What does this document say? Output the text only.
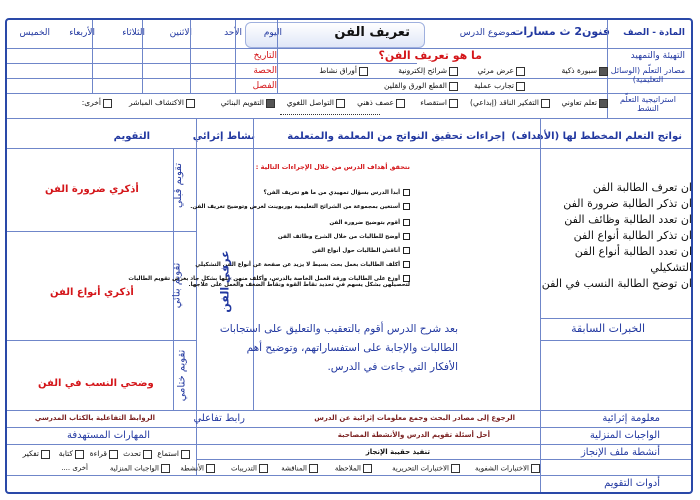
المادة - الصف
فنون2 ث مسارات
موضوع الدرس
تعريف الفن
اليوم
الأحد
الاثنين
الثلاثاء
الأربعاء
الخميس
التاريخ
الحصة
الفصل
التهيئة والتمهيد
ما هو تعريف الفن؟
مصادر التعلّم (الوسائل التعليمية)
سبورة ذكية
عرض مرئي
شرائح إلكترونية
أوراق نشاط
تجارب عملية
القطع الورق والقلين
استراتيجية التعلّم النشط
تعلم تعاوني
التفكير الناقد (إبداعي)
استقصاء
عصف ذهني
التواصل اللغوي
التقويم البنائي
الاكتشاف المباشر
أخرى:
نواتج التعلم المخطط لها (الأهداف)
إجراءات تحقيق النواتج من المعلمة والمتعلمة
نشاط إثرائي
التقويم
ان تعرف الطالبة الفن
ان تذكر الطالبة ضرورة الفن
ان تعدد الطالبة وظائف الفن
ان تذكر الطالبة أنواع الفن
ان تعدد الطالبة أنواع الفن
التشكيلي
ان توضح الطالبة النسب في الفن
الخبرات السابقة
نتحقق أهداف الدرس من خلال الإجراءات التالية :
أبدأ الدرس بسؤال تمهيدي من ما هو تعريف الفن؟
أستعين بمجموعة من الشرائح التعليمية بوربوينت لعرض وتوضيح تعريف الفن.
أقوم بتوضيح ضرورة الفن
أوضح للطالبات من خلال الشرح وظائف الفن
أناقش الطالبات حول أنواع الفن
أكلف الطالبات بعمل بحث بسيط لا يزيد عن صفحة عن أنواع الفن التشكيلي
أوزع على الطالبات ورقة العمل الخاصة بالدرس، وأكلف منهن حلها بشكل جاد بغرض تقويم الطالبات لتحصيلهن بشكل يسهم في تحديد نقاط القوة ونقاط الضعف والعمل على علاجها.
بعد شرح الدرس أقوم بالتعقيب والتعليق على استجابات الطالبات والإجابة على استفساراتهم، وتوضيح أهم الأفكار التي جاءت في الدرس.
عرفي الفن
تقويم قبلي
تقويم بنائي
تقويم ختامي
أذكري ضرورة الفن
أذكري أنواع الفن
وضحي النسب في الفن
معلومة إثرائية
الرجوع إلى مصادر البحث وجمع معلومات إثرائية عن الدرس
رابط تفاعلي
الروابط التفاعلية بالكتاب المدرسي
الواجبات المنزلية
أحل أسئلة تقويم الدرس والأنشطة المصاحبة
المهارات المستهدفة
أنشطة ملف الإنجاز
تنفيذ حقيبة الإنجاز
استماع
تحدث
قراءة
كتابة
تفكير
أدوات التقويم
الاختبارات الشفوية
الاختبارات التحريرية
الملاحظة
المناقشة
التدريبات
الأنشطة
الواجبات المنزلية
أخرى ....
